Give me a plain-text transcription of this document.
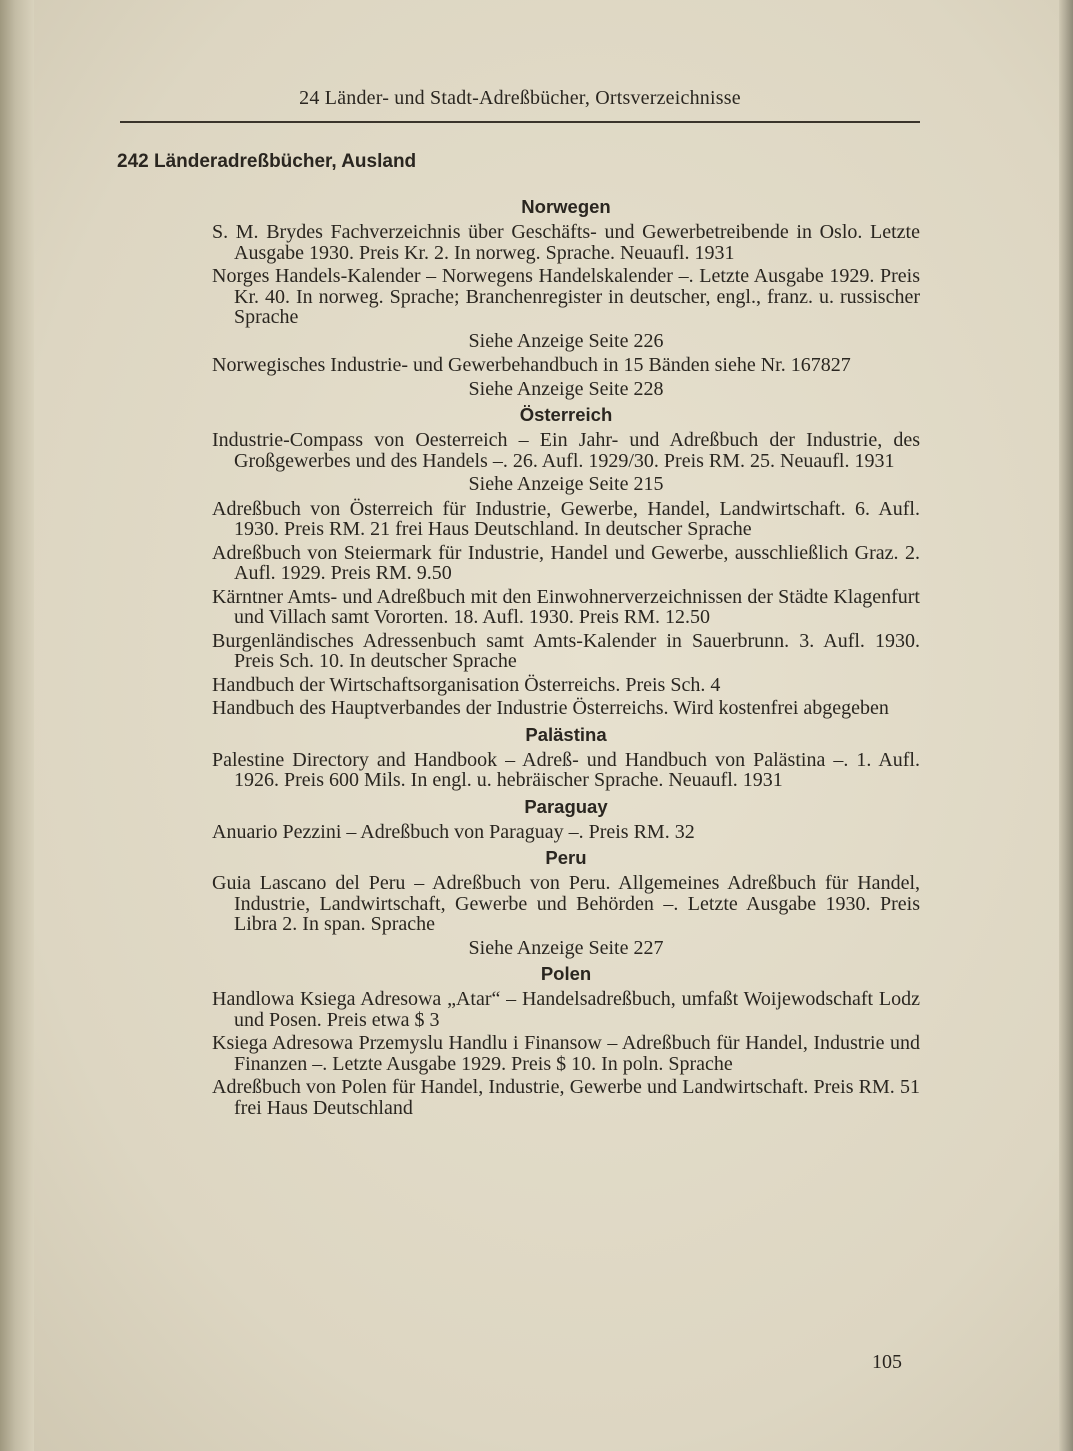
24 Länder- und Stadt-Adreßbücher, Ortsverzeichnisse
242 Länderadreßbücher, Ausland
Norwegen
S. M. Brydes Fachverzeichnis über Geschäfts- und Gewerbetreibende in Oslo. Letzte Ausgabe 1930. Preis Kr. 2. In norweg. Sprache. Neuaufl. 1931
Norges Handels-Kalender – Norwegens Handelskalender –. Letzte Ausgabe 1929. Preis Kr. 40. In norweg. Sprache; Branchenregister in deutscher, engl., franz. u. russischer Sprache
Siehe Anzeige Seite 226
Norwegisches Industrie- und Gewerbehandbuch in 15 Bänden siehe Nr. 167827
Siehe Anzeige Seite 228
Österreich
Industrie-Compass von Oesterreich – Ein Jahr- und Adreßbuch der Industrie, des Großgewerbes und des Handels –. 26. Aufl. 1929/30. Preis RM. 25. Neuaufl. 1931
Siehe Anzeige Seite 215
Adreßbuch von Österreich für Industrie, Gewerbe, Handel, Landwirtschaft. 6. Aufl. 1930. Preis RM. 21 frei Haus Deutschland. In deutscher Sprache
Adreßbuch von Steiermark für Industrie, Handel und Gewerbe, ausschließlich Graz. 2. Aufl. 1929. Preis RM. 9.50
Kärntner Amts- und Adreßbuch mit den Einwohnerverzeichnissen der Städte Klagenfurt und Villach samt Vororten. 18. Aufl. 1930. Preis RM. 12.50
Burgenländisches Adressenbuch samt Amts-Kalender in Sauerbrunn. 3. Aufl. 1930. Preis Sch. 10. In deutscher Sprache
Handbuch der Wirtschaftsorganisation Österreichs. Preis Sch. 4
Handbuch des Hauptverbandes der Industrie Österreichs. Wird kostenfrei abgegeben
Palästina
Palestine Directory and Handbook – Adreß- und Handbuch von Palästina –. 1. Aufl. 1926. Preis 600 Mils. In engl. u. hebräischer Sprache. Neuaufl. 1931
Paraguay
Anuario Pezzini – Adreßbuch von Paraguay –. Preis RM. 32
Peru
Guia Lascano del Peru – Adreßbuch von Peru. Allgemeines Adreßbuch für Handel, Industrie, Landwirtschaft, Gewerbe und Behörden –. Letzte Ausgabe 1930. Preis Libra 2. In span. Sprache
Siehe Anzeige Seite 227
Polen
Handlowa Ksiega Adresowa „Atar“ – Handelsadreßbuch, umfaßt Woijewodschaft Lodz und Posen. Preis etwa $ 3
Ksiega Adresowa Przemyslu Handlu i Finansow – Adreßbuch für Handel, Industrie und Finanzen –. Letzte Ausgabe 1929. Preis $ 10. In poln. Sprache
Adreßbuch von Polen für Handel, Industrie, Gewerbe und Landwirtschaft. Preis RM. 51 frei Haus Deutschland
105
